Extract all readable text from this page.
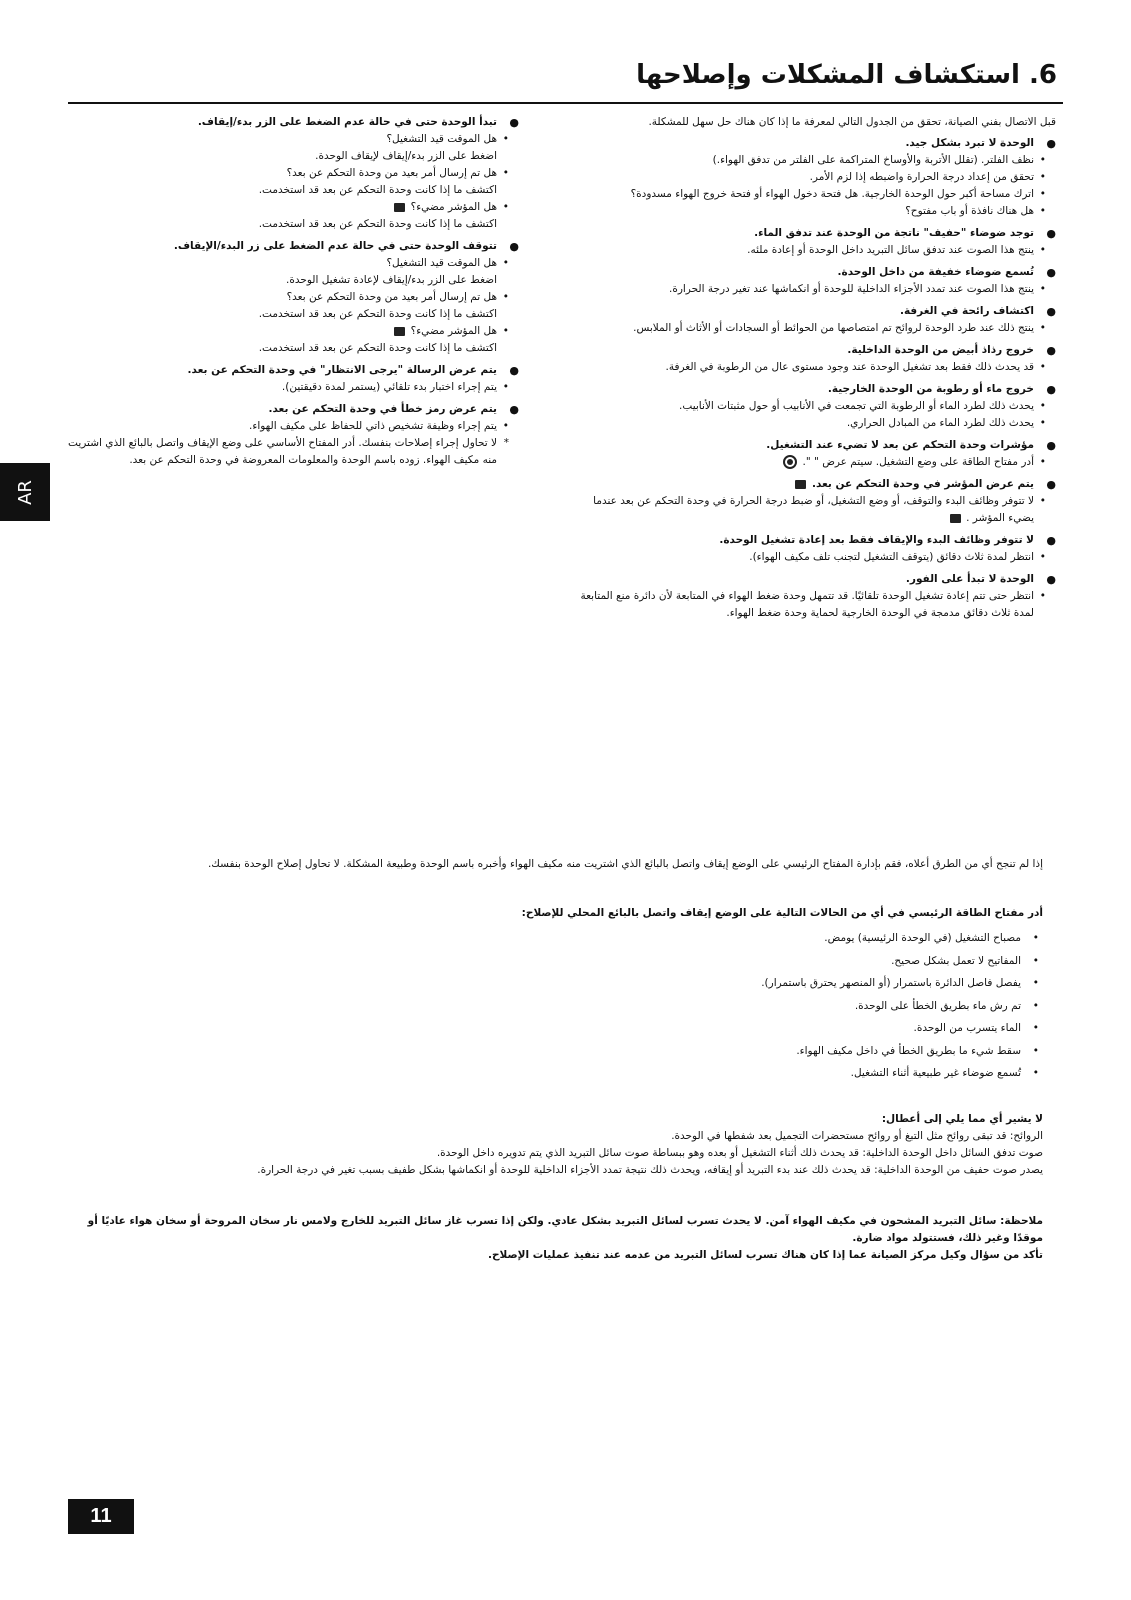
6. استكشاف المشكلات وإصلاحها

قبل الاتصال بفني الصيانة، تحقق من الجدول التالي لمعرفة ما إذا كان هناك حل سهل للمشكلة.

● الوحدة لا تبرد بشكل جيد.
• نظف الفلتر. (تقلل الأتربة والأوساخ المتراكمة على الفلتر من تدفق الهواء.)
• تحقق من إعداد درجة الحرارة واضبطه إذا لزم الأمر.
• اترك مساحة أكبر حول الوحدة الخارجية. هل فتحة دخول الهواء أو فتحة خروج الهواء مسدودة؟
• هل هناك نافذة أو باب مفتوح؟
● توجد ضوضاء "حفيف" ناتجة من الوحدة عند تدفق الماء.
• ينتج هذا الصوت عند تدفق سائل التبريد داخل الوحدة أو إعادة ملئه.
● تُسمع ضوضاء خفيفة من داخل الوحدة.
• ينتج هذا الصوت عند تمدد الأجزاء الداخلية للوحدة أو انكماشها عند تغير درجة الحرارة.
● اكتشاف رائحة في الغرفة.
• ينتج ذلك عند طرد الوحدة لروائح تم امتصاصها من الحوائط أو السجادات أو الأثاث أو الملابس.
● خروج رذاذ أبيض من الوحدة الداخلية.
• قد يحدث ذلك فقط بعد تشغيل الوحدة عند وجود مستوى عال من الرطوبة في الغرفة.
● خروج ماء أو رطوبة من الوحدة الخارجية.
• يحدث ذلك لطرد الماء أو الرطوبة التي تجمعت في الأنابيب أو حول مثبتات الأنابيب.
• يحدث ذلك لطرد الماء من المبادل الحراري.
● مؤشرات وحدة التحكم عن بعد لا تضيء عند التشغيل.
• أدر مفتاح الطاقة على وضع التشغيل. سيتم عرض " ".
● يتم عرض المؤشر في وحدة التحكم عن بعد.
• لا تتوفر وظائف البدء والتوقف، أو وضع التشغيل، أو ضبط درجة الحرارة في وحدة التحكم عن بعد عندما يضيء المؤشر .
● لا تتوفر وظائف البدء والإيقاف فقط بعد إعادة تشغيل الوحدة.
• انتظر لمدة ثلاث دقائق (يتوقف التشغيل لتجنب تلف مكيف الهواء).
● الوحدة لا تبدأ على الفور.
• انتظر حتى تتم إعادة تشغيل الوحدة تلقائيًا. قد تتمهل وحدة ضغط الهواء في المتابعة لأن دائرة منع المتابعة لمدة ثلاث دقائق مدمجة في الوحدة الخارجية لحماية وحدة ضغط الهواء.
● تبدأ الوحدة حتى في حالة عدم الضغط على الزر بدء/إيقاف.
• هل الموقت قيد التشغيل؟
اضغط على الزر بدء/إيقاف لإيقاف الوحدة.
• هل تم إرسال أمر بعيد من وحدة التحكم عن بعد؟
اكتشف ما إذا كانت وحدة التحكم عن بعد قد استخدمت.
• هل المؤشر مضيء؟
اكتشف ما إذا كانت وحدة التحكم عن بعد قد استخدمت.
● تتوقف الوحدة حتى في حالة عدم الضغط على زر البدء/الإيقاف.
• هل الموقت قيد التشغيل؟
اضغط على الزر بدء/إيقاف لإعادة تشغيل الوحدة.
• هل تم إرسال أمر بعيد من وحدة التحكم عن بعد؟
اكتشف ما إذا كانت وحدة التحكم عن بعد قد استخدمت.
• هل المؤشر مضيء؟
اكتشف ما إذا كانت وحدة التحكم عن بعد قد استخدمت.
● يتم عرض الرسالة "يرجى الانتظار" في وحدة التحكم عن بعد.
• يتم إجراء اختبار بدء تلقائي (يستمر لمدة دقيقتين).
● يتم عرض رمز خطأ في وحدة التحكم عن بعد.
• يتم إجراء وظيفة تشخيص ذاتي للحفاظ على مكيف الهواء.
* لا تحاول إجراء إصلاحات بنفسك. أدر المفتاح الأساسي على وضع الإيقاف واتصل بالبائع الذي اشتريت منه مكيف الهواء. زوده باسم الوحدة والمعلومات المعروضة في وحدة التحكم عن بعد.
AR
إذا لم تنجح أي من الطرق أعلاه، فقم بإدارة المفتاح الرئيسي على الوضع إيقاف واتصل بالبائع الذي اشتريت منه مكيف الهواء وأخبره باسم الوحدة وطبيعة المشكلة. لا تحاول إصلاح الوحدة بنفسك.

أدر مفتاح الطاقة الرئيسي في أي من الحالات التالية على الوضع إيقاف واتصل بالبائع المحلي للإصلاح:

• مصباح التشغيل (في الوحدة الرئيسية) يومض.
• المفاتيح لا تعمل بشكل صحيح.
• يفصل فاصل الدائرة باستمرار (أو المنصهر يحترق باستمرار).
• تم رش ماء بطريق الخطأ على الوحدة.
• الماء يتسرب من الوحدة.
• سقط شيء ما بطريق الخطأ في داخل مكيف الهواء.
• تُسمع ضوضاء غير طبيعية أثناء التشغيل.
لا يشير أي مما يلي إلى أعطال:
الروائح: قد تبقى روائح مثل التبغ أو روائح مستحضرات التجميل بعد شفطها في الوحدة.
صوت تدفق السائل داخل الوحدة الداخلية: قد يحدث ذلك أثناء التشغيل أو بعده وهو ببساطة صوت سائل التبريد الذي يتم تدويره داخل الوحدة.
يصدر صوت حفيف من الوحدة الداخلية: قد يحدث ذلك عند بدء التبريد أو إيقافه، ويحدث ذلك نتيجة تمدد الأجزاء الداخلية للوحدة أو انكماشها بشكل طفيف بسبب تغير في درجة الحرارة.
ملاحظة: سائل التبريد المشحون في مكيف الهواء آمن. لا يحدث تسرب لسائل التبريد بشكل عادي. ولكن إذا تسرب غاز سائل التبريد للخارج ولامس نار سخان المروحة أو سخان هواء عاديًا أو موقدًا وغير ذلك، فستتولد مواد ضارة.
تأكد من سؤال وكيل مركز الصيانة عما إذا كان هناك تسرب لسائل التبريد من عدمه عند تنفيذ عمليات الإصلاح.
11
